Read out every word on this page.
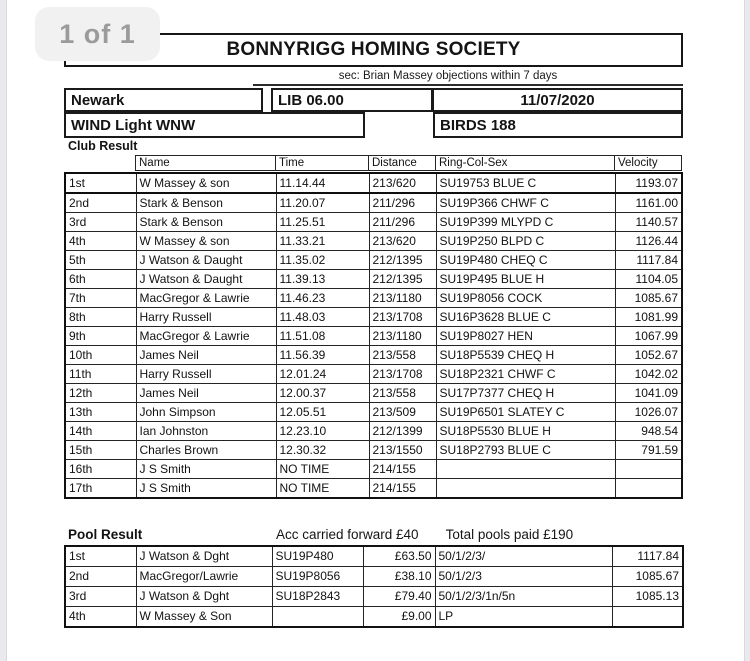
1 of 1
BONNYRIGG HOMING SOCIETY
sec: Brian Massey objections within 7 days
Newark	LIB 06.00	11/07/2020
WIND Light WNW	BIRDS 188
Club Result
Name	Time	Distance	Ring-Col-Sex	Velocity
1st	W Massey & son	11.14.44	213/620	SU19753 BLUE C	1193.07
2nd	Stark & Benson	11.20.07	211/296	SU19P366 CHWF C	1161.00
3rd	Stark & Benson	11.25.51	211/296	SU19P399 MLYPD C	1140.57
4th	W Massey & son	11.33.21	213/620	SU19P250 BLPD C	1126.44
5th	J Watson & Daught	11.35.02	212/1395	SU19P480 CHEQ C	1117.84
6th	J Watson & Daught	11.39.13	212/1395	SU19P495 BLUE H	1104.05
7th	MacGregor & Lawrie	11.46.23	213/1180	SU19P8056 COCK	1085.67
8th	Harry Russell	11.48.03	213/1708	SU16P3628 BLUE C	1081.99
9th	MacGregor & Lawrie	11.51.08	213/1180	SU19P8027 HEN	1067.99
10th	James Neil	11.56.39	213/558	SU18P5539 CHEQ H	1052.67
11th	Harry Russell	12.01.24	213/1708	SU18P2321 CHWF C	1042.02
12th	James Neil	12.00.37	213/558	SU17P7377 CHEQ H	1041.09
13th	John Simpson	12.05.51	213/509	SU19P6501 SLATEY C	1026.07
14th	Ian Johnston	12.23.10	212/1399	SU18P5530 BLUE H	948.54
15th	Charles Brown	12.30.32	213/1550	SU18P2793 BLUE C	791.59
16th	J S Smith	NO TIME	214/155		
17th	J S Smith	NO TIME	214/155		
Pool Result	Acc carried forward £40 Total pools paid £190
1st	J Watson & Dght	SU19P480	£63.50	50/1/2/3/	1117.84
2nd	MacGregor/Lawrie	SU19P8056	£38.10	50/1/2/3	1085.67
3rd	J Watson & Dght	SU18P2843	£79.40	50/1/2/3/1n/5n	1085.13
4th	W Massey & Son		£9.00	LP	
